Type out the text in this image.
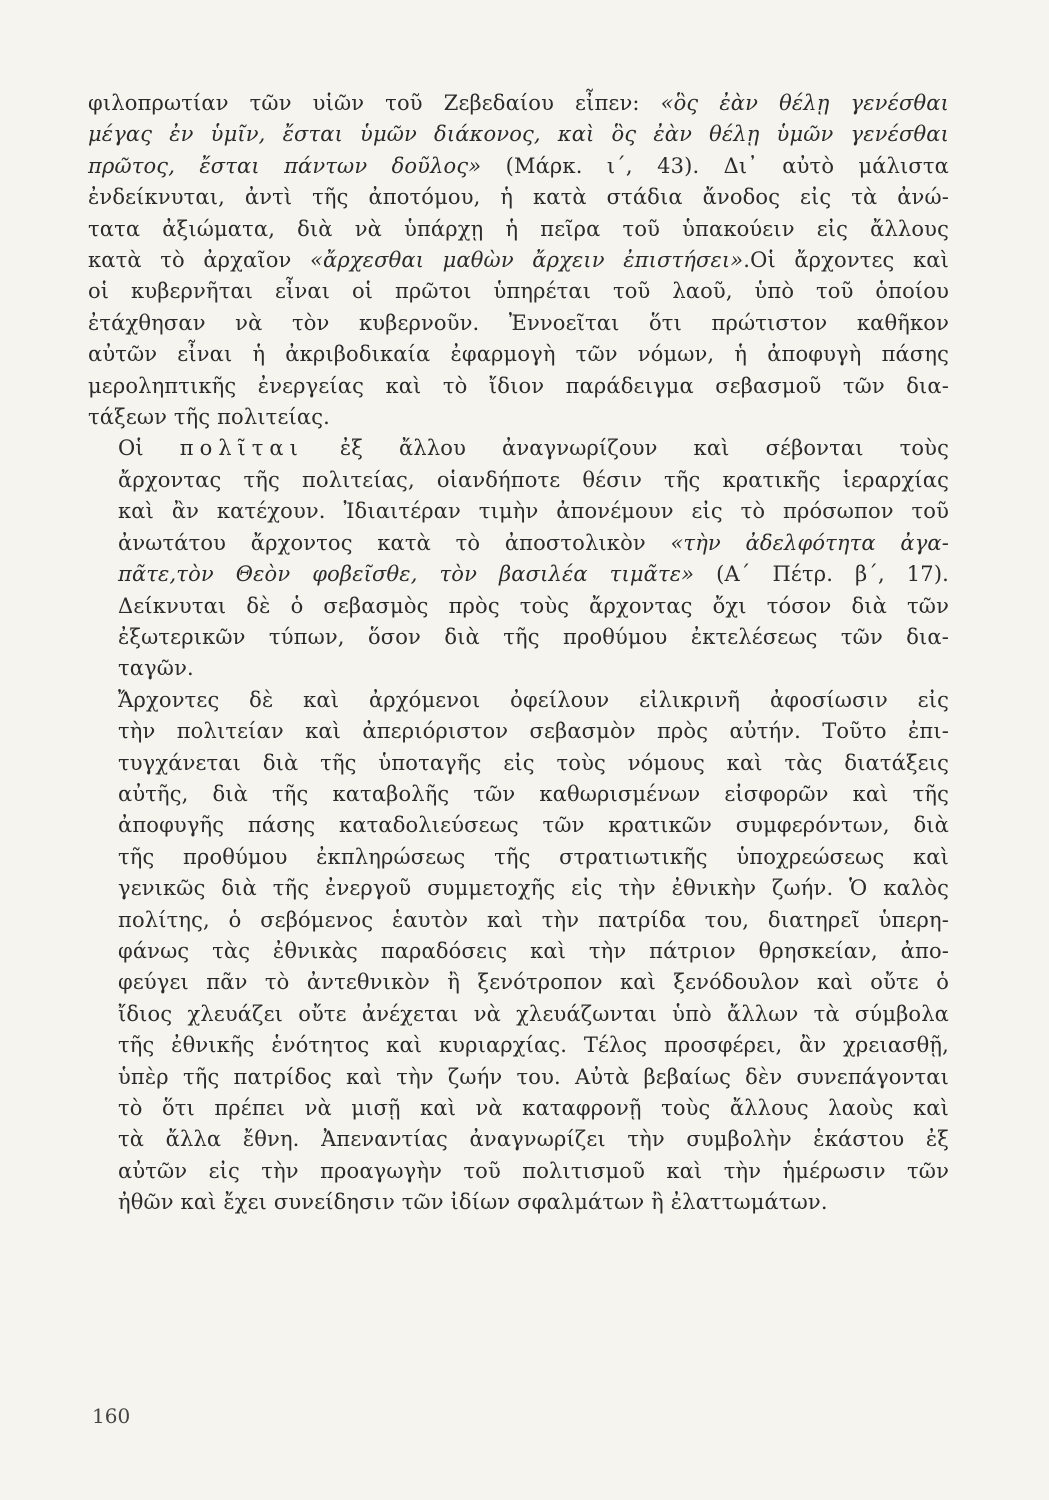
φιλοπρωτίαν τῶν υἱῶν τοῦ Ζεβεδαίου εἶπεν: «ὃς ἐὰν θέλῃ γενέσθαι
μέγας ἐν ὑμῖν, ἔσται ὑμῶν διάκονος, καὶ ὃς ἐὰν θέλῃ ὑμῶν γενέσθαι
πρῶτος, ἔσται πάντων δοῦλος» (Μάρκ. ι΄, 43). Δι᾽ αὐτὸ μάλιστα
ἐνδείκνυται, ἀντὶ τῆς ἀποτόμου, ἡ κατὰ στάδια ἄνοδος εἰς τὰ ἀνώ-
τατα ἀξιώματα, διὰ νὰ ὑπάρχῃ ἡ πεῖρα τοῦ ὑπακούειν εἰς ἄλλους
κατὰ τὸ ἀρχαῖον «ἄρχεσθαι μαθὼν ἄρχειν ἐπιστήσει».Οἱ ἄρχοντες καὶ
οἱ κυβερνῆται εἶναι οἱ πρῶτοι ὑπηρέται τοῦ λαοῦ, ὑπὸ τοῦ ὁποίου
ἐτάχθησαν νὰ τὸν κυβερνοῦν. Ἐννοεῖται ὅτι πρώτιστον καθῆκον
αὐτῶν εἶναι ἡ ἀκριβοδικαία ἐφαρμογὴ τῶν νόμων, ἡ ἀποφυγὴ πάσης
μεροληπτικῆς ἐνεργείας καὶ τὸ ἴδιον παράδειγμα σεβασμοῦ τῶν δια-
τάξεων τῆς πολιτείας.

Οἱ πολῖται ἐξ ἄλλου ἀναγνωρίζουν καὶ σέβονται τοὺς
ἄρχοντας τῆς πολιτείας, οἱανδήποτε θέσιν τῆς κρατικῆς ἱεραρχίας
καὶ ἂν κατέχουν. Ἰδιαιτέραν τιμὴν ἀπονέμουν εἰς τὸ πρόσωπον τοῦ
ἀνωτάτου ἄρχοντος κατὰ τὸ ἀποστολικὸν «τὴν ἀδελφότητα ἀγα-
πᾶτε,τὸν Θεὸν φοβεῖσθε, τὸν βασιλέα τιμᾶτε» (Α΄ Πέτρ. β΄, 17).
Δείκνυται δὲ ὁ σεβασμὸς πρὸς τοὺς ἄρχοντας ὄχι τόσον διὰ τῶν
ἐξωτερικῶν τύπων, ὅσον διὰ τῆς προθύμου ἐκτελέσεως τῶν δια-
ταγῶν.

Ἄρχοντες δὲ καὶ ἀρχόμενοι ὀφείλουν εἰλικρινῆ ἀφοσίωσιν εἰς
τὴν πολιτείαν καὶ ἀπεριόριστον σεβασμὸν πρὸς αὐτήν. Τοῦτο ἐπι-
τυγχάνεται διὰ τῆς ὑποταγῆς εἰς τοὺς νόμους καὶ τὰς διατάξεις
αὐτῆς, διὰ τῆς καταβολῆς τῶν καθωρισμένων εἰσφορῶν καὶ τῆς
ἀποφυγῆς πάσης καταδολιεύσεως τῶν κρατικῶν συμφερόντων, διὰ
τῆς προθύμου ἐκπληρώσεως τῆς στρατιωτικῆς ὑποχρεώσεως καὶ
γενικῶς διὰ τῆς ἐνεργοῦ συμμετοχῆς εἰς τὴν ἐθνικὴν ζωήν. Ὁ καλὸς
πολίτης, ὁ σεβόμενος ἑαυτὸν καὶ τὴν πατρίδα του, διατηρεῖ ὑπερη-
φάνως τὰς ἐθνικὰς παραδόσεις καὶ τὴν πάτριον θρησκείαν, ἀπο-
φεύγει πᾶν τὸ ἀντεθνικὸν ἢ ξενότροπον καὶ ξενόδουλον καὶ οὔτε ὁ
ἴδιος χλευάζει οὔτε ἀνέχεται νὰ χλευάζωνται ὑπὸ ἄλλων τὰ σύμβολα
τῆς ἐθνικῆς ἑνότητος καὶ κυριαρχίας. Τέλος προσφέρει, ἂν χρειασθῇ,
ὑπὲρ τῆς πατρίδος καὶ τὴν ζωήν του. Αὐτὰ βεβαίως δὲν συνεπάγονται
τὸ ὅτι πρέπει νὰ μισῇ καὶ νὰ καταφρονῇ τοὺς ἄλλους λαοὺς καὶ
τὰ ἄλλα ἔθνη. Ἀπεναντίας ἀναγνωρίζει τὴν συμβολὴν ἑκάστου ἐξ
αὐτῶν εἰς τὴν προαγωγὴν τοῦ πολιτισμοῦ καὶ τὴν ἡμέρωσιν τῶν
ἠθῶν καὶ ἔχει συνείδησιν τῶν ἰδίων σφαλμάτων ἢ ἐλαττωμάτων.

160
